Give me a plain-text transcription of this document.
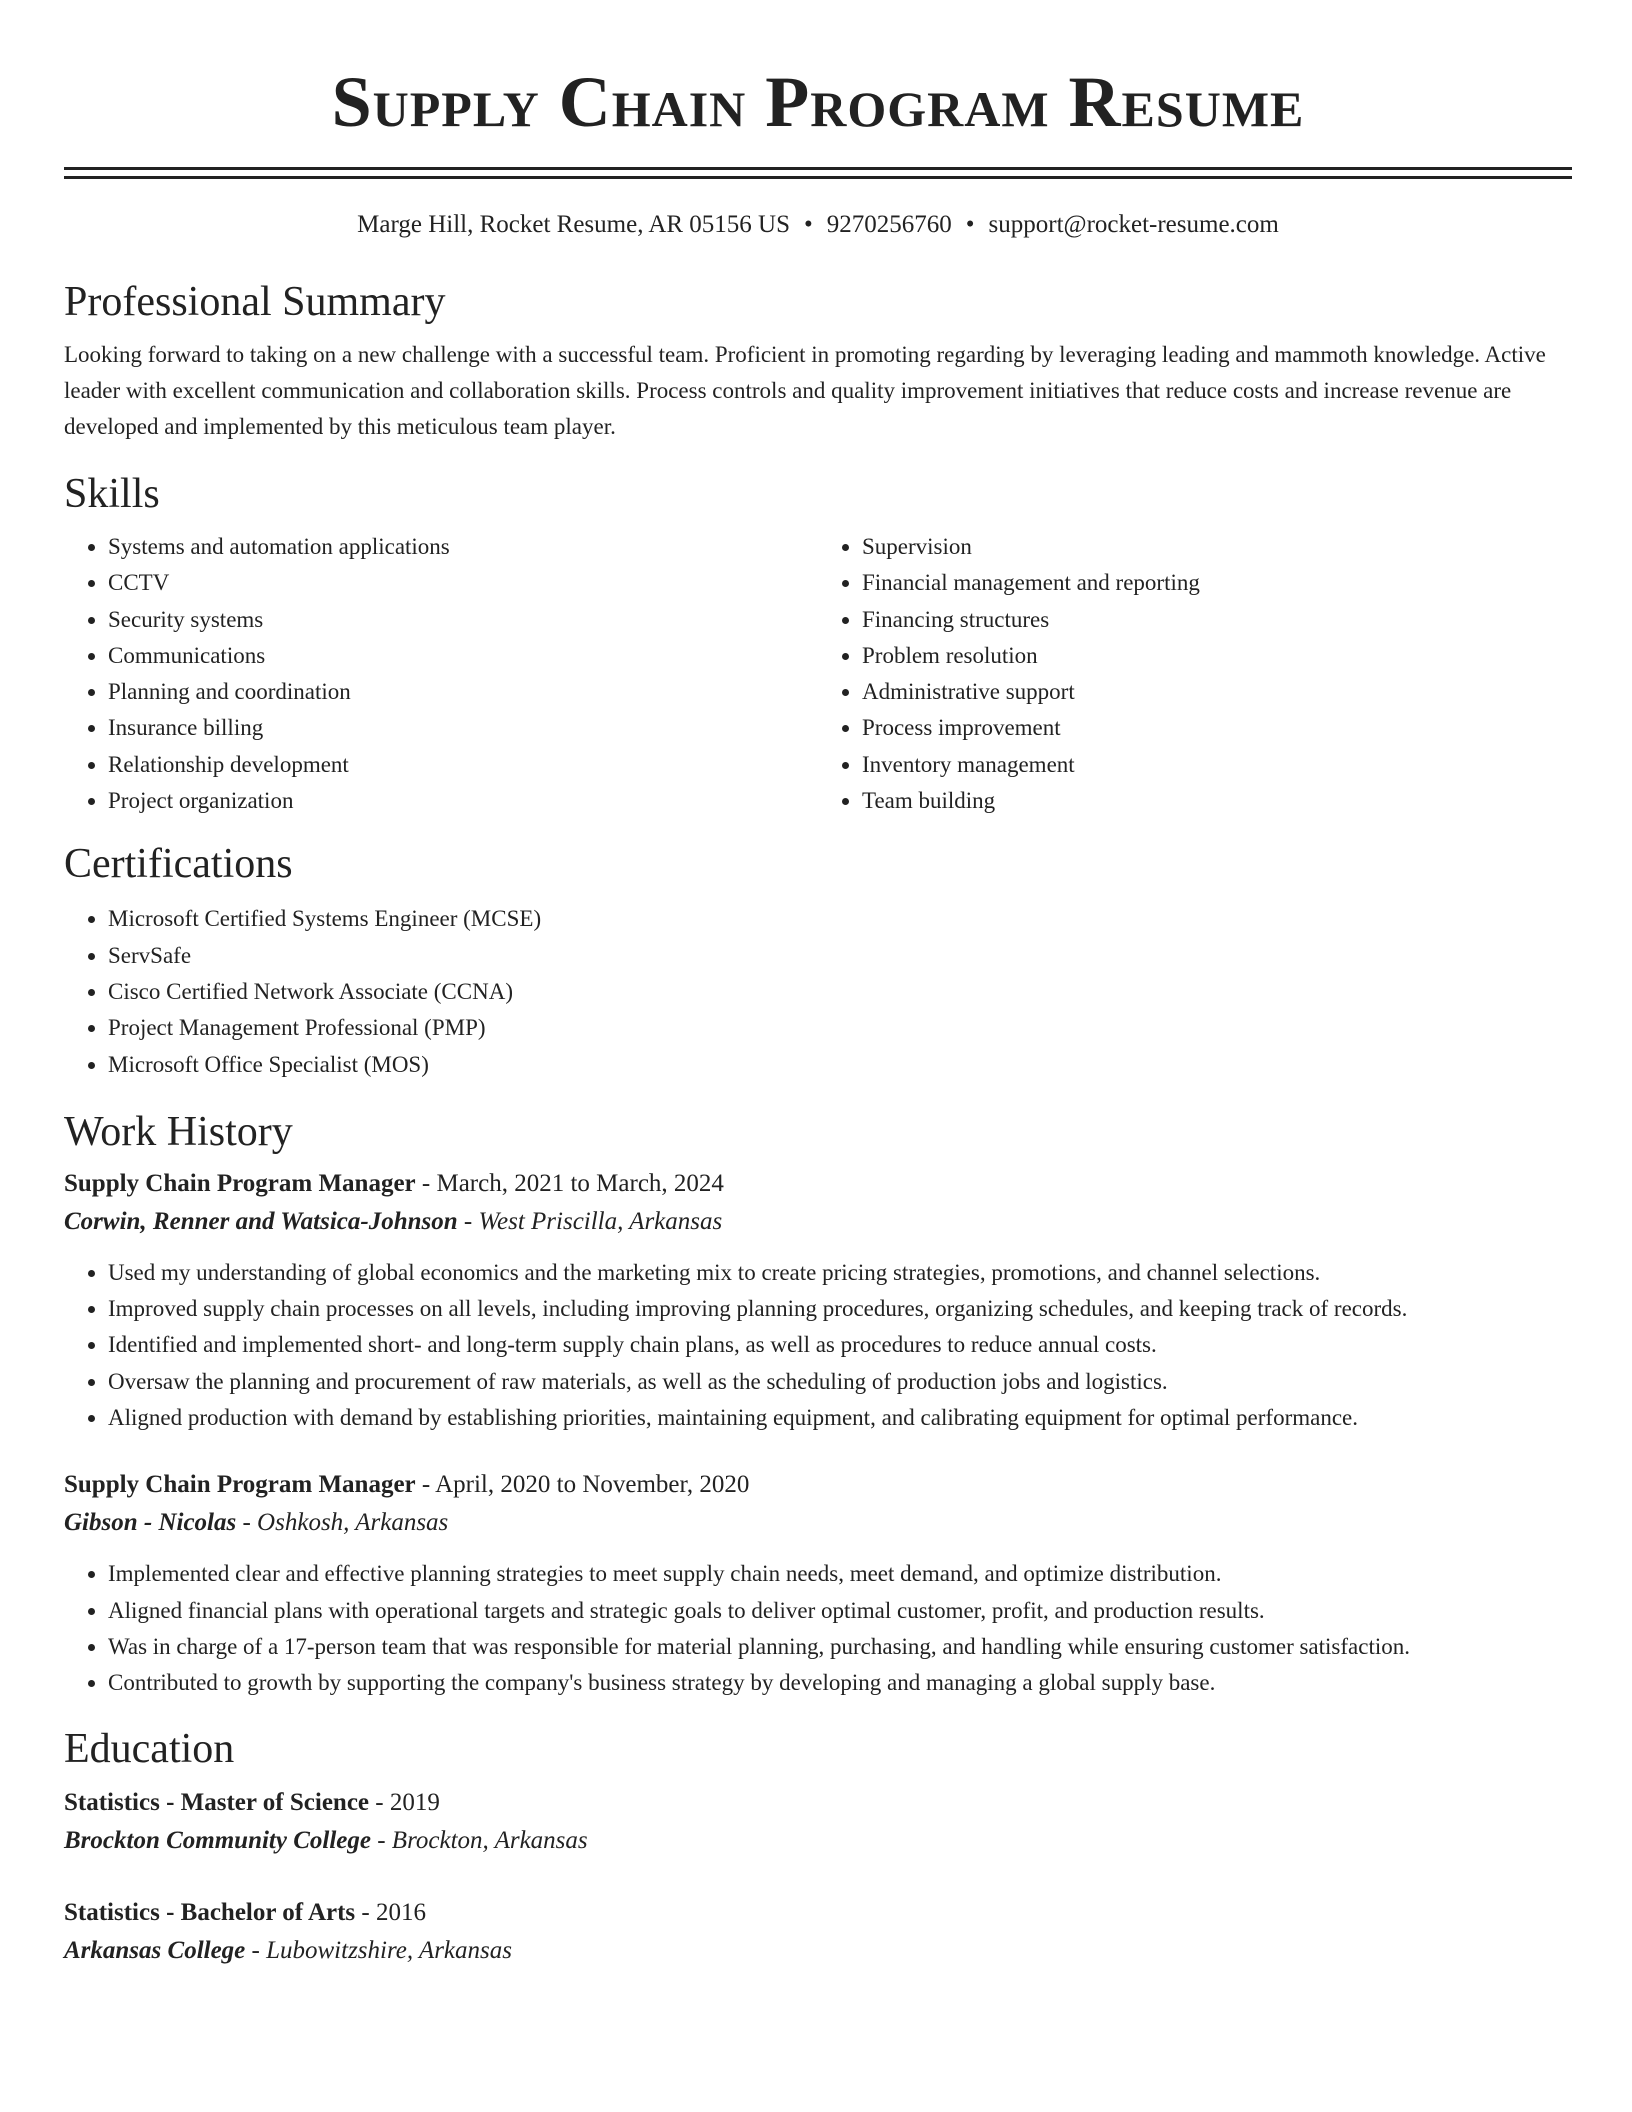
Supply Chain Program Resume
Marge Hill, Rocket Resume, AR 05156 US • 9270256760 • support@rocket-resume.com
Professional Summary

Looking forward to taking on a new challenge with a successful team. Proficient in promoting regarding by leveraging leading and mammoth knowledge. Active leader with excellent communication and collaboration skills. Process controls and quality improvement initiatives that reduce costs and increase revenue are developed and implemented by this meticulous team player.

Skills
• Systems and automation applications
• CCTV
• Security systems
• Communications
• Planning and coordination
• Insurance billing
• Relationship development
• Project organization
• Supervision
• Financial management and reporting
• Financing structures
• Problem resolution
• Administrative support
• Process improvement
• Inventory management
• Team building
Certifications
• Microsoft Certified Systems Engineer (MCSE)
• ServSafe
• Cisco Certified Network Associate (CCNA)
• Project Management Professional (PMP)
• Microsoft Office Specialist (MOS)
Work History
Supply Chain Program Manager - March, 2021 to March, 2024
Corwin, Renner and Watsica-Johnson - West Priscilla, Arkansas
• Used my understanding of global economics and the marketing mix to create pricing strategies, promotions, and channel selections.
• Improved supply chain processes on all levels, including improving planning procedures, organizing schedules, and keeping track of records.
• Identified and implemented short- and long-term supply chain plans, as well as procedures to reduce annual costs.
• Oversaw the planning and procurement of raw materials, as well as the scheduling of production jobs and logistics.
• Aligned production with demand by establishing priorities, maintaining equipment, and calibrating equipment for optimal performance.
Supply Chain Program Manager - April, 2020 to November, 2020
Gibson - Nicolas - Oshkosh, Arkansas
• Implemented clear and effective planning strategies to meet supply chain needs, meet demand, and optimize distribution.
• Aligned financial plans with operational targets and strategic goals to deliver optimal customer, profit, and production results.
• Was in charge of a 17-person team that was responsible for material planning, purchasing, and handling while ensuring customer satisfaction.
• Contributed to growth by supporting the company's business strategy by developing and managing a global supply base.
Education
Statistics - Master of Science - 2019
Brockton Community College - Brockton, Arkansas
Statistics - Bachelor of Arts - 2016
Arkansas College - Lubowitzshire, Arkansas
